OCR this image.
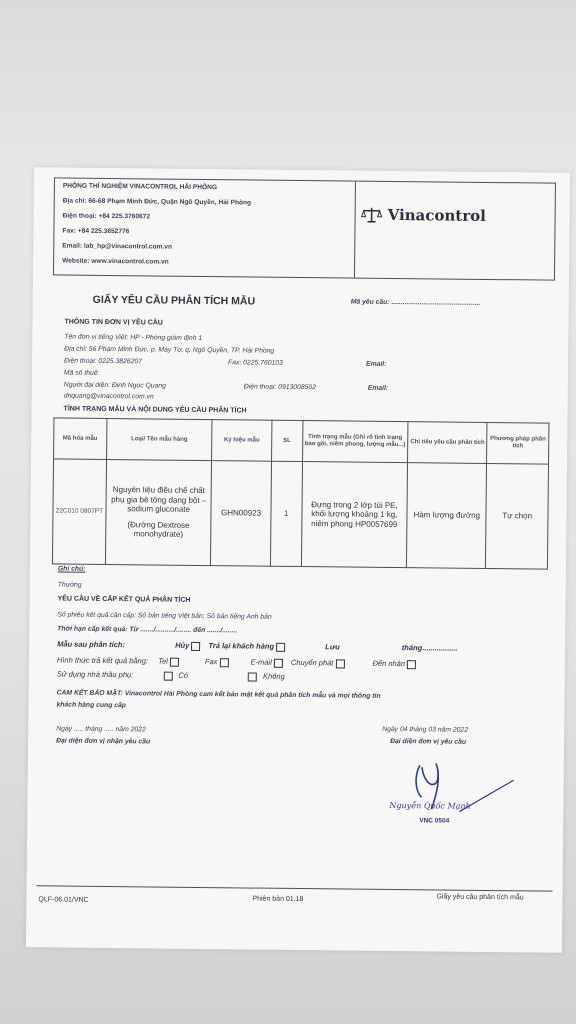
PHÒNG THÍ NGHIỆM VINACONTROL HẢI PHÒNG
Địa chỉ: 66-68 Phạm Minh Đức, Quận Ngô Quyền, Hải Phòng
Điện thoại: +84 225.3760672
Fax: +84 225.3652776
Email: lab_hp@vinacontrol.com.vn
Website: www.vinacontrol.com.vn
Vinacontrol
GIẤY YÊU CẦU PHÂN TÍCH MẪU	Mã yêu cầu: ...............................................
THÔNG TIN ĐƠN VỊ YÊU CẦU
Tên đơn vị tiếng Việt: HP - Phòng giám định 1
Địa chỉ: 56 Phạm Minh Đức, p. Máy Tơ, q. Ngô Quyền, TP. Hải Phòng
Điện thoại: 0225.3826207	Fax: 0225.760103	Email:
Mã số thuế:
Người đại diện: Đinh Ngọc Quang	Điện thoại: 0913008502	Email:
dnquang@vinacontrol.com.vn
TÌNH TRẠNG MẪU VÀ NỘI DUNG YÊU CẦU PHÂN TÍCH
Mã hóa mẫu	Loại/ Tên mẫu hàng	Ký hiệu mẫu	SL	Tình trạng mẫu (Ghi rõ tình trạng bao gói, niêm phong, lượng mẫu...)	Chỉ tiêu yêu cầu phân tích	Phương pháp phân tích
22C010 0807PT	Nguyên liệu điều chế chất phụ gia bê tông dạng bột – sodium gluconate
(Đường Dextrose monohydrate)	GHN00923	1	Đựng trong 2 lớp túi PE, khối lượng khoảng 1 kg, niêm phong HP0057699	Hàm lượng đường	Tự chọn
Ghi chú:
Thường
YÊU CẦU VỀ CẤP KẾT QUẢ PHÂN TÍCH
Số phiếu kết quả cần cấp: Số bản tiếng Việt bản; Số bản tiếng Anh bản
Thời hạn cấp kết quả: Từ ......./........../........ đến ......./........
Mẫu sau phân tích:	Hủy	Trả lại khách hàng	Lưu	tháng.................
Hình thức trả kết quả bằng: Tel	Fax	E-mail	Chuyển phát	Đến nhận
Sử dụng nhà thầu phụ:	Có	Không
CAM KẾT BẢO MẬT: Vinacontrol Hải Phòng cam kết bảo mật kết quả phân tích mẫu và mọi thông tin
khách hàng cung cấp
Ngày ..... tháng ..... năm 2022
Đại diện đơn vị nhận yêu cầu
Ngày 04 tháng 03 năm 2022
Đại diện đơn vị yêu cầu
Nguyễn Quốc Mạnh
VNC 0504
QLF-06.01/VNC	Phiên bản 01.18	Giấy yêu cầu phân tích mẫu
